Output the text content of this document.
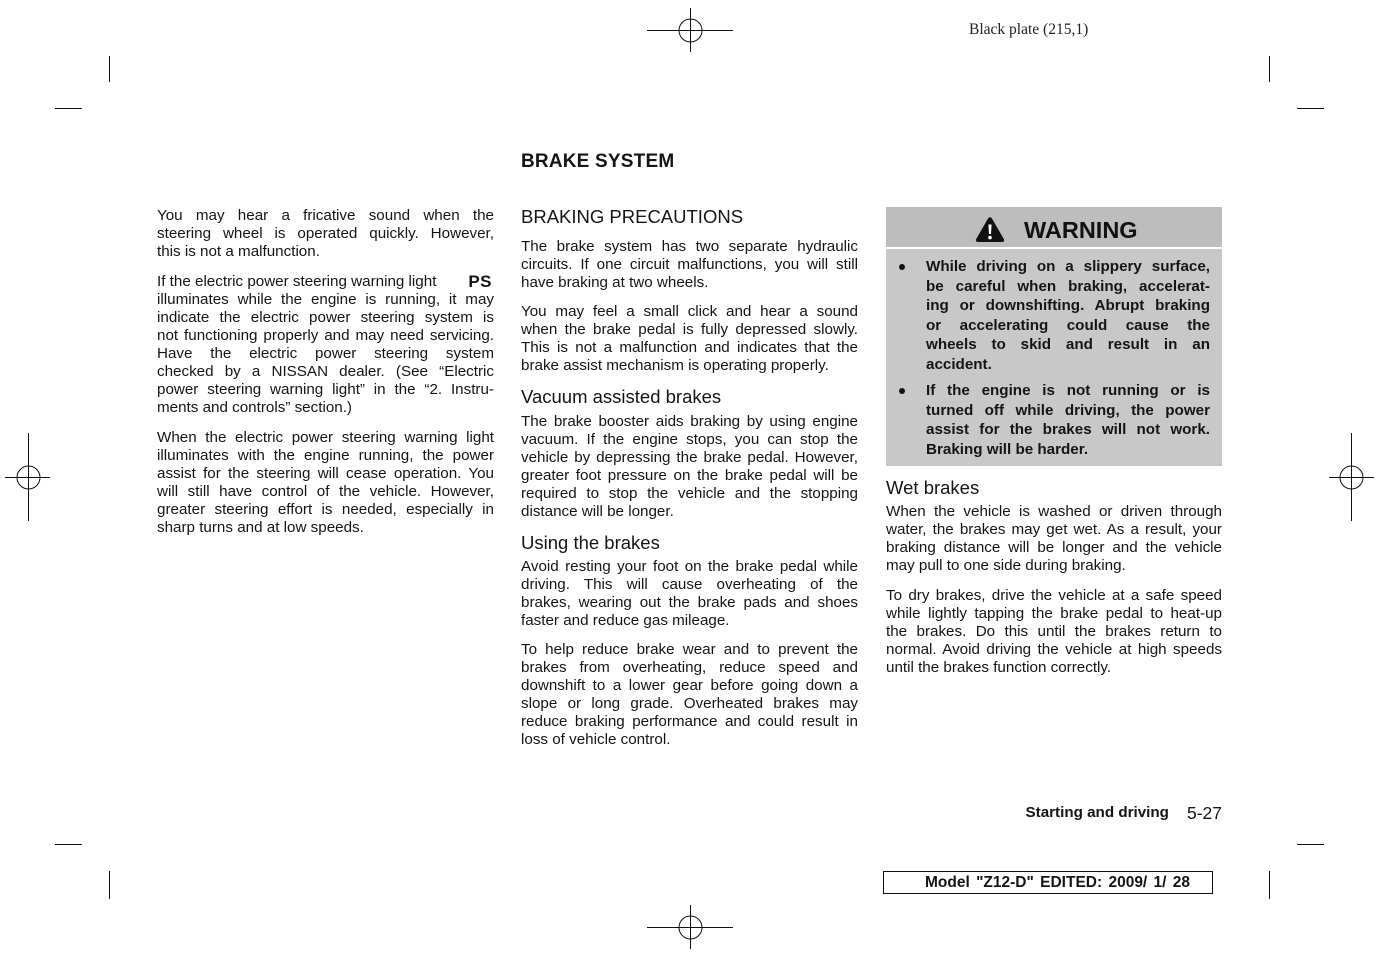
Black plate (215,1)
You may hear a fricative sound when the
steering wheel is operated quickly. However,
this is not a malfunction.
If the electric power steering warning light PS
illuminates while the engine is running, it may
indicate the electric power steering system is
not functioning properly and may need servicing.
Have the electric power steering system
checked by a NISSAN dealer. (See “Electric
power steering warning light” in the “2. Instru-
ments and controls” section.)
When the electric power steering warning light
illuminates with the engine running, the power
assist for the steering will cease operation. You
will still have control of the vehicle. However,
greater steering effort is needed, especially in
sharp turns and at low speeds.
BRAKE SYSTEM
BRAKING PRECAUTIONS
The brake system has two separate hydraulic
circuits. If one circuit malfunctions, you will still
have braking at two wheels.
You may feel a small click and hear a sound
when the brake pedal is fully depressed slowly.
This is not a malfunction and indicates that the
brake assist mechanism is operating properly.
Vacuum assisted brakes
The brake booster aids braking by using engine
vacuum. If the engine stops, you can stop the
vehicle by depressing the brake pedal. However,
greater foot pressure on the brake pedal will be
required to stop the vehicle and the stopping
distance will be longer.
Using the brakes
Avoid resting your foot on the brake pedal while
driving. This will cause overheating of the
brakes, wearing out the brake pads and shoes
faster and reduce gas mileage.
To help reduce brake wear and to prevent the
brakes from overheating, reduce speed and
downshift to a lower gear before going down a
slope or long grade. Overheated brakes may
reduce braking performance and could result in
loss of vehicle control.
WARNING
While driving on a slippery surface,
be careful when braking, accelerat-
ing or downshifting. Abrupt braking
or accelerating could cause the
wheels to skid and result in an
accident.
If the engine is not running or is
turned off while driving, the power
assist for the brakes will not work.
Braking will be harder.
Wet brakes
When the vehicle is washed or driven through
water, the brakes may get wet. As a result, your
braking distance will be longer and the vehicle
may pull to one side during braking.
To dry brakes, drive the vehicle at a safe speed
while lightly tapping the brake pedal to heat-up
the brakes. Do this until the brakes return to
normal. Avoid driving the vehicle at high speeds
until the brakes function correctly.
Starting and driving 5-27
Model "Z12-D" EDITED: 2009/ 1/ 28
